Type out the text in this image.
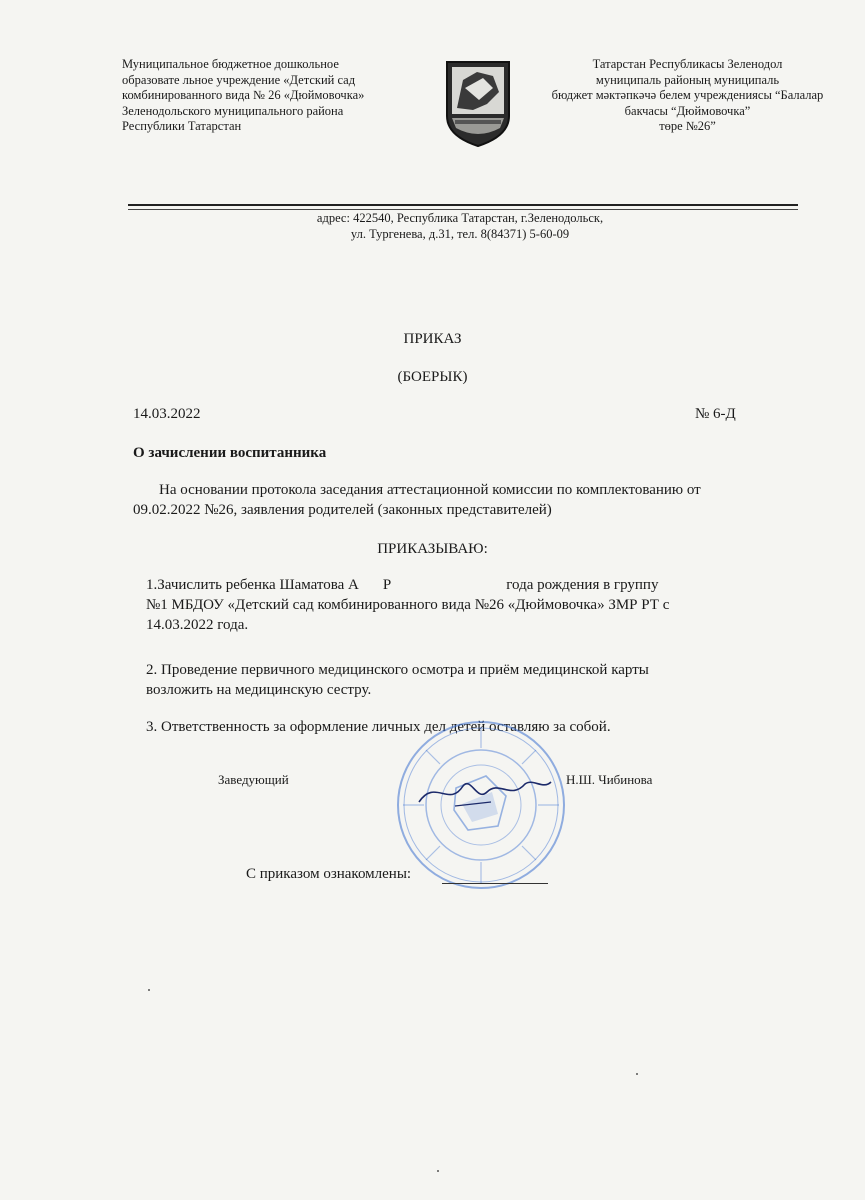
Муниципальное бюджетное дошкольное
образовате льное учреждение «Детский сад
комбинированного вида № 26 «Дюймовочка»
Зеленодольского муниципального района
Республики Татарстан
Татарстан Республикасы Зеленодол
муниципаль районың муниципаль
бюджет мәктәпкәчә белем учреждениясы “Балалар
бакчасы “Дюймовочка”
төре №26”
адрес: 422540, Республика Татарстан, г.Зеленодольск,
ул. Тургенева, д.31, тел. 8(84371) 5-60-09
ПРИКАЗ
(БОЕРЫК)
14.03.2022	№ 6-Д
О зачислении воспитанника
На основании протокола заседания аттестационной комиссии по комплектованию от
09.02.2022 №26, заявления родителей (законных представителей)
ПРИКАЗЫВАЮ:
1.Зачислить ребенка Шаматова А Р	года рождения в группу
№1 МБДОУ «Детский сад комбинированного вида №26 «Дюймовочка» ЗМР РТ с
14.03.2022 года.
2. Проведение первичного медицинского осмотра и приём медицинской карты
возложить на медицинскую сестру.
3. Ответственность за оформление личных дел детей оставляю за собой.
Заведующий	Н.Ш. Чибинова
С приказом ознакомлены:
